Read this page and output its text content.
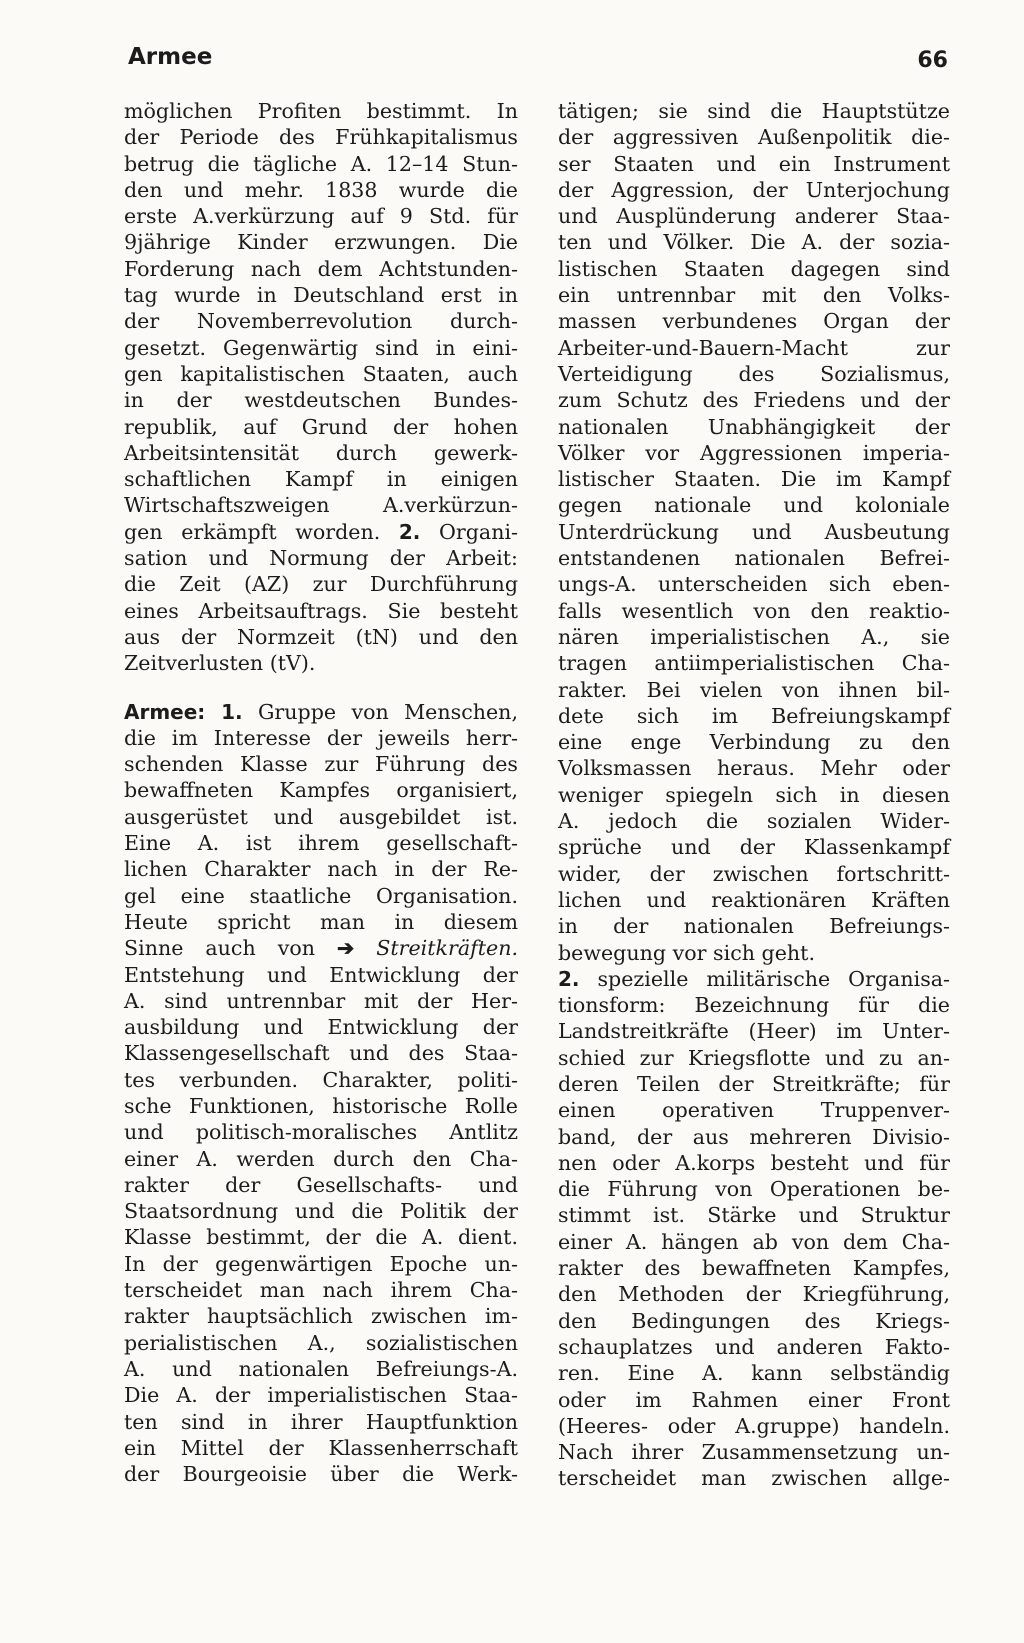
Armee	66
möglichen Profiten bestimmt. In
der Periode des Frühkapitalismus
betrug die tägliche A. 12–14 Stun-
den und mehr. 1838 wurde die
erste A.verkürzung auf 9 Std. für
9jährige Kinder erzwungen. Die
Forderung nach dem Achtstunden-
tag wurde in Deutschland erst in
der Novemberrevolution durch-
gesetzt. Gegenwärtig sind in eini-
gen kapitalistischen Staaten, auch
in der westdeutschen Bundes-
republik, auf Grund der hohen
Arbeitsintensität durch gewerk-
schaftlichen Kampf in einigen
Wirtschaftszweigen A.verkürzun-
gen erkämpft worden. 2. Organi-
sation und Normung der Arbeit:
die Zeit (AZ) zur Durchführung
eines Arbeitsauftrags. Sie besteht
aus der Normzeit (tN) und den
Zeitverlusten (tV).
Armee: 1. Gruppe von Menschen,
die im Interesse der jeweils herr-
schenden Klasse zur Führung des
bewaffneten Kampfes organisiert,
ausgerüstet und ausgebildet ist.
Eine A. ist ihrem gesellschaft-
lichen Charakter nach in der Re-
gel eine staatliche Organisation.
Heute spricht man in diesem
Sinne auch von ➔ Streitkräften.
Entstehung und Entwicklung der
A. sind untrennbar mit der Her-
ausbildung und Entwicklung der
Klassengesellschaft und des Staa-
tes verbunden. Charakter, politi-
sche Funktionen, historische Rolle
und politisch-moralisches Antlitz
einer A. werden durch den Cha-
rakter der Gesellschafts- und
Staatsordnung und die Politik der
Klasse bestimmt, der die A. dient.
In der gegenwärtigen Epoche un-
terscheidet man nach ihrem Cha-
rakter hauptsächlich zwischen im-
perialistischen A., sozialistischen
A. und nationalen Befreiungs-A.
Die A. der imperialistischen Staa-
ten sind in ihrer Hauptfunktion
ein Mittel der Klassenherrschaft
der Bourgeoisie über die Werk-
tätigen; sie sind die Hauptstütze
der aggressiven Außenpolitik die-
ser Staaten und ein Instrument
der Aggression, der Unterjochung
und Ausplünderung anderer Staa-
ten und Völker. Die A. der sozia-
listischen Staaten dagegen sind
ein untrennbar mit den Volks-
massen verbundenes Organ der
Arbeiter-und-Bauern-Macht zur
Verteidigung des Sozialismus,
zum Schutz des Friedens und der
nationalen Unabhängigkeit der
Völker vor Aggressionen imperia-
listischer Staaten. Die im Kampf
gegen nationale und koloniale
Unterdrückung und Ausbeutung
entstandenen nationalen Befrei-
ungs-A. unterscheiden sich eben-
falls wesentlich von den reaktio-
nären imperialistischen A., sie
tragen antiimperialistischen Cha-
rakter. Bei vielen von ihnen bil-
dete sich im Befreiungskampf
eine enge Verbindung zu den
Volksmassen heraus. Mehr oder
weniger spiegeln sich in diesen
A. jedoch die sozialen Wider-
sprüche und der Klassenkampf
wider, der zwischen fortschritt-
lichen und reaktionären Kräften
in der nationalen Befreiungs-
bewegung vor sich geht.
2. spezielle militärische Organisa-
tionsform: Bezeichnung für die
Landstreitkräfte (Heer) im Unter-
schied zur Kriegsflotte und zu an-
deren Teilen der Streitkräfte; für
einen operativen Truppenver-
band, der aus mehreren Divisio-
nen oder A.korps besteht und für
die Führung von Operationen be-
stimmt ist. Stärke und Struktur
einer A. hängen ab von dem Cha-
rakter des bewaffneten Kampfes,
den Methoden der Kriegführung,
den Bedingungen des Kriegs-
schauplatzes und anderen Fakto-
ren. Eine A. kann selbständig
oder im Rahmen einer Front
(Heeres- oder A.gruppe) handeln.
Nach ihrer Zusammensetzung un-
terscheidet man zwischen allge-
